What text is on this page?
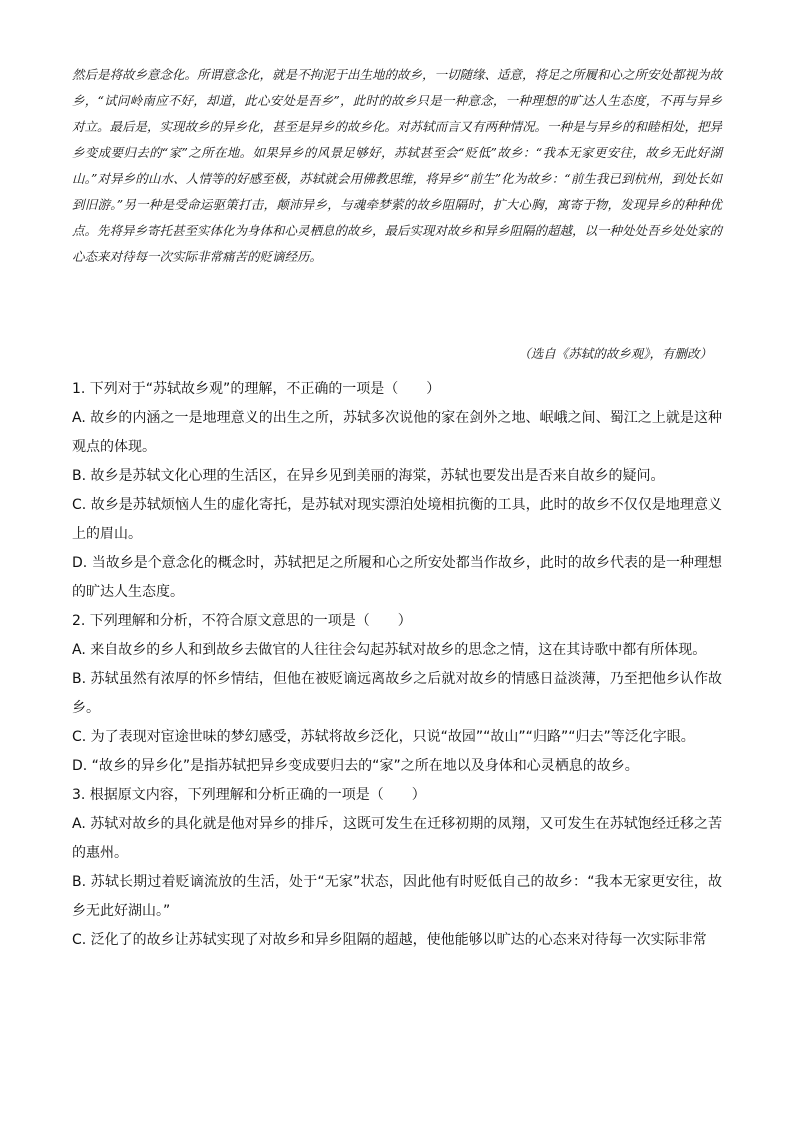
然后是将故乡意念化。所谓意念化，就是不拘泥于出生地的故乡，一切随缘、适意，将足之所履和心之所安处都视为故乡，“试问岭南应不好，却道，此心安处是吾乡”，此时的故乡只是一种意念，一种理想的旷达人生态度，不再与异乡对立。最后是，实现故乡的异乡化，甚至是异乡的故乡化。对苏轼而言又有两种情况。一种是与异乡的和睦相处，把异乡变成要归去的“家”之所在地。如果异乡的风景足够好，苏轼甚至会“贬低”故乡：“我本无家更安往，故乡无此好湖山。”对异乡的山水、人情等的好感至极，苏轼就会用佛教思维，将异乡“前生”化为故乡：“前生我已到杭州，到处长如到旧游。”另一种是受命运驱策打击，颠沛异乡，与魂牵梦萦的故乡阻隔时，扩大心胸，寓寄于物，发现异乡的种种优点。先将异乡寄托甚至实体化为身体和心灵栖息的故乡，最后实现对故乡和异乡阻隔的超越，以一种处处吾乡处处家的心态来对待每一次实际非常痛苦的贬谪经历。

（选自《苏轼的故乡观》，有删改）

1. 下列对于“苏轼故乡观”的理解，不正确的一项是（　　）

A. 故乡的内涵之一是地理意义的出生之所，苏轼多次说他的家在剑外之地、岷峨之间、蜀江之上就是这种观点的体现。

B. 故乡是苏轼文化心理的生活区，在异乡见到美丽的海棠，苏轼也要发出是否来自故乡的疑问。

C. 故乡是苏轼烦恼人生的虚化寄托，是苏轼对现实漂泊处境相抗衡的工具，此时的故乡不仅仅是地理意义上的眉山。

D. 当故乡是个意念化的概念时，苏轼把足之所履和心之所安处都当作故乡，此时的故乡代表的是一种理想的旷达人生态度。

2. 下列理解和分析，不符合原文意思的一项是（　　）

A. 来自故乡的乡人和到故乡去做官的人往往会勾起苏轼对故乡的思念之情，这在其诗歌中都有所体现。

B. 苏轼虽然有浓厚的怀乡情结，但他在被贬谪远离故乡之后就对故乡的情感日益淡薄，乃至把他乡认作故乡。

C. 为了表现对宦途世味的梦幻感受，苏轼将故乡泛化，只说“故园”“故山”“归路”“归去”等泛化字眼。

D. “故乡的异乡化”是指苏轼把异乡变成要归去的“家”之所在地以及身体和心灵栖息的故乡。

3. 根据原文内容，下列理解和分析正确的一项是（　　）

A. 苏轼对故乡的具化就是他对异乡的排斥，这既可发生在迁移初期的凤翔，又可发生在苏轼饱经迁移之苦的惠州。

B. 苏轼长期过着贬谪流放的生活，处于“无家”状态，因此他有时贬低自己的故乡：“我本无家更安往，故乡无此好湖山。”

C. 泛化了的故乡让苏轼实现了对故乡和异乡阻隔的超越，使他能够以旷达的心态来对待每一次实际非常
